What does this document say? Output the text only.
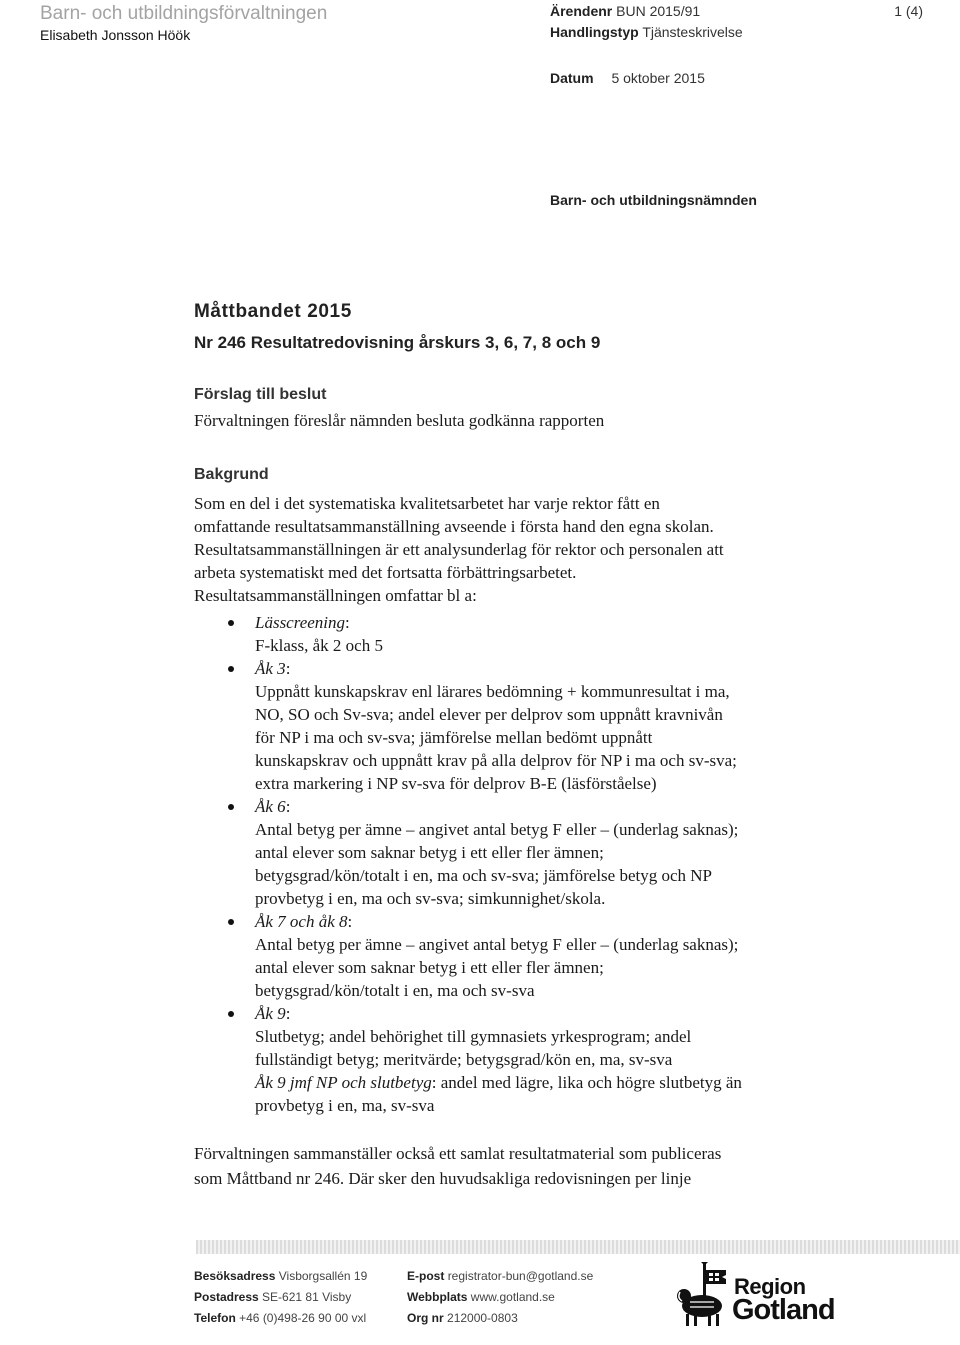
Barn- och utbildningsförvaltningen
Elisabeth Jonsson Höök
Ärendenr BUN 2015/91
Handlingstyp Tjänsteskrivelse
Datum 5 oktober 2015
1 (4)
Barn- och utbildningsnämnden
Måttbandet 2015
Nr 246 Resultatredovisning årskurs 3, 6, 7, 8 och 9
Förslag till beslut
Förvaltningen föreslår nämnden besluta godkänna rapporten
Bakgrund
Som en del i det systematiska kvalitetsarbetet har varje rektor fått en
omfattande resultatsammanställning avseende i första hand den egna skolan.
Resultatsammanställningen är ett analysunderlag för rektor och personalen att
arbeta systematiskt med det fortsatta förbättringsarbetet.
Resultatsammanställningen omfattar bl a:
Lässcreening:
F-klass, åk 2 och 5
Åk 3:
Uppnått kunskapskrav enl lärares bedömning + kommunresultat i ma,
NO, SO och Sv-sva; andel elever per delprov som uppnått kravnivån
för NP i ma och sv-sva; jämförelse mellan bedömt uppnått
kunskapskrav och uppnått krav på alla delprov för NP i ma och sv-sva;
extra markering i NP sv-sva för delprov B-E (läsförståelse)
Åk 6:
Antal betyg per ämne – angivet antal betyg F eller – (underlag saknas);
antal elever som saknar betyg i ett eller fler ämnen;
betygsgrad/kön/totalt i en, ma och sv-sva; jämförelse betyg och NP
provbetyg i en, ma och sv-sva; simkunnighet/skola.
Åk 7 och åk 8:
Antal betyg per ämne – angivet antal betyg F eller – (underlag saknas);
antal elever som saknar betyg i ett eller fler ämnen;
betygsgrad/kön/totalt i en, ma och sv-sva
Åk 9:
Slutbetyg; andel behörighet till gymnasiets yrkesprogram; andel
fullständigt betyg; meritvärde; betygsgrad/kön en, ma, sv-sva
Åk 9 jmf NP och slutbetyg: andel med lägre, lika och högre slutbetyg än
provbetyg i en, ma, sv-sva
Förvaltningen sammanställer också ett samlat resultatmaterial som publiceras
som Måttband nr 246. Där sker den huvudsakliga redovisningen per linje
Besöksadress Visborgsallén 19
Postadress SE-621 81 Visby
Telefon +46 (0)498-26 90 00 vxl
E-post registrator-bun@gotland.se
Webbplats www.gotland.se
Org nr 212000-0803
Region
Gotland
